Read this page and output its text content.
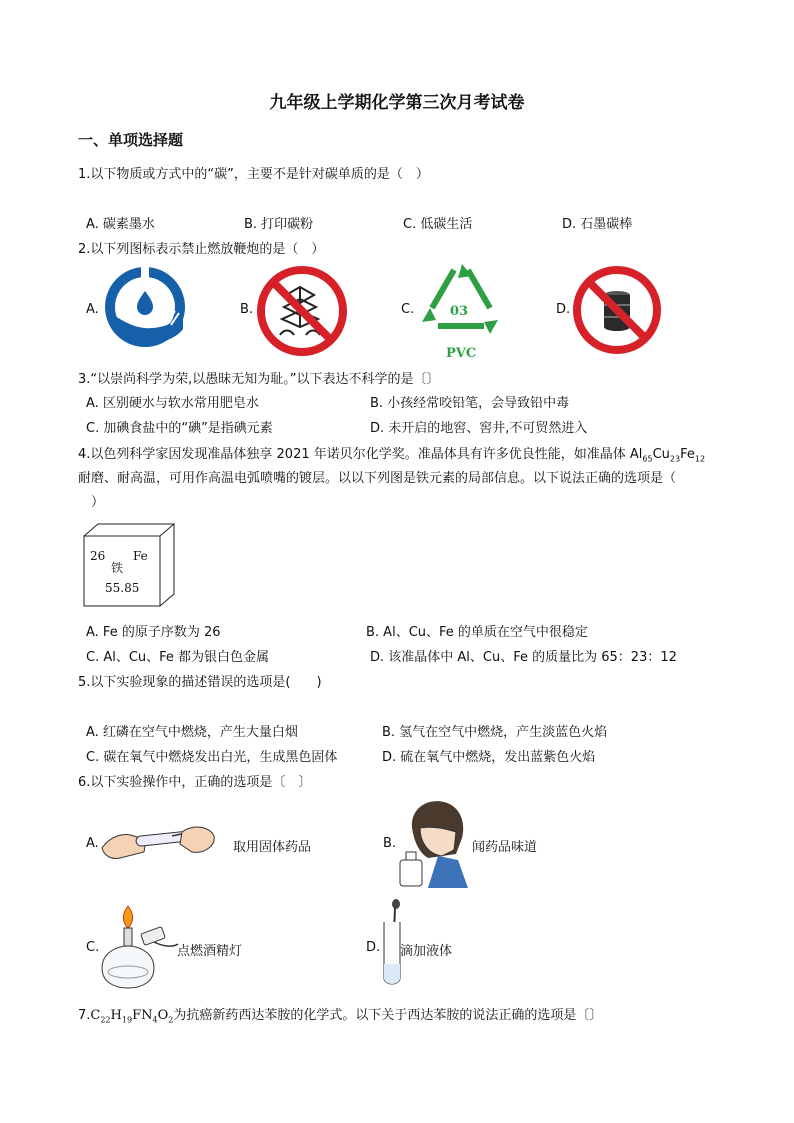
九年级上学期化学第三次月考试卷
一、单项选择题
1.以下物质或方式中的“碳”，主要不是针对碳单质的是（　）
A. 碳素墨水	B. 打印碳粉	C. 低碳生活	D. 石墨碳棒
2.以下列图标表示禁止燃放鞭炮的是（　）
A.	B.	C.	03
PVC
D.
3.“以崇尚科学为荣,以愚昧无知为耻。”以下表达不科学的是〔〕
A. 区别硬水与软水常用肥皂水	B. 小孩经常咬铅笔，会导致铅中毒
C. 加碘食盐中的“碘”是指碘元素	D. 未开启的地窖、窖井,不可贸然进入
4.以色列科学家因发现准晶体独享 2021 年诺贝尔化学奖。准晶体具有许多优良性能，如准晶体 $Al_{65}Cu_{23}Fe_{12}$
耐磨、耐高温，可用作高温电弧喷嘴的镀层。以以下列图是铁元素的局部信息。以下说法正确的选项是（
　）
26 Fe
铁
55.85
A. Fe 的原子序数为 26	B. Al、Cu、Fe 的单质在空气中很稳定
C. Al、Cu、Fe 都为银白色金属	D. 该准晶体中 Al、Cu、Fe 的质量比为 65：23：12
5.以下实验现象的描述错误的选项是(　　)
A. 红磷在空气中燃烧，产生大量白烟	B. 氢气在空气中燃烧，产生淡蓝色火焰
C. 碳在氧气中燃烧发出白光，生成黑色固体	D. 硫在氧气中燃烧，发出蓝紫色火焰
6.以下实验操作中，正确的选项是〔　〕
A.	取用固体药品	B.	闻药品味道
C.	点燃酒精灯	D. 滴加液体
$7.C_{22}H_{19}FN_4O_2$为抗癌新药西达苯胺的化学式。以下关于西达苯胺的说法正确的选项是〔〕
